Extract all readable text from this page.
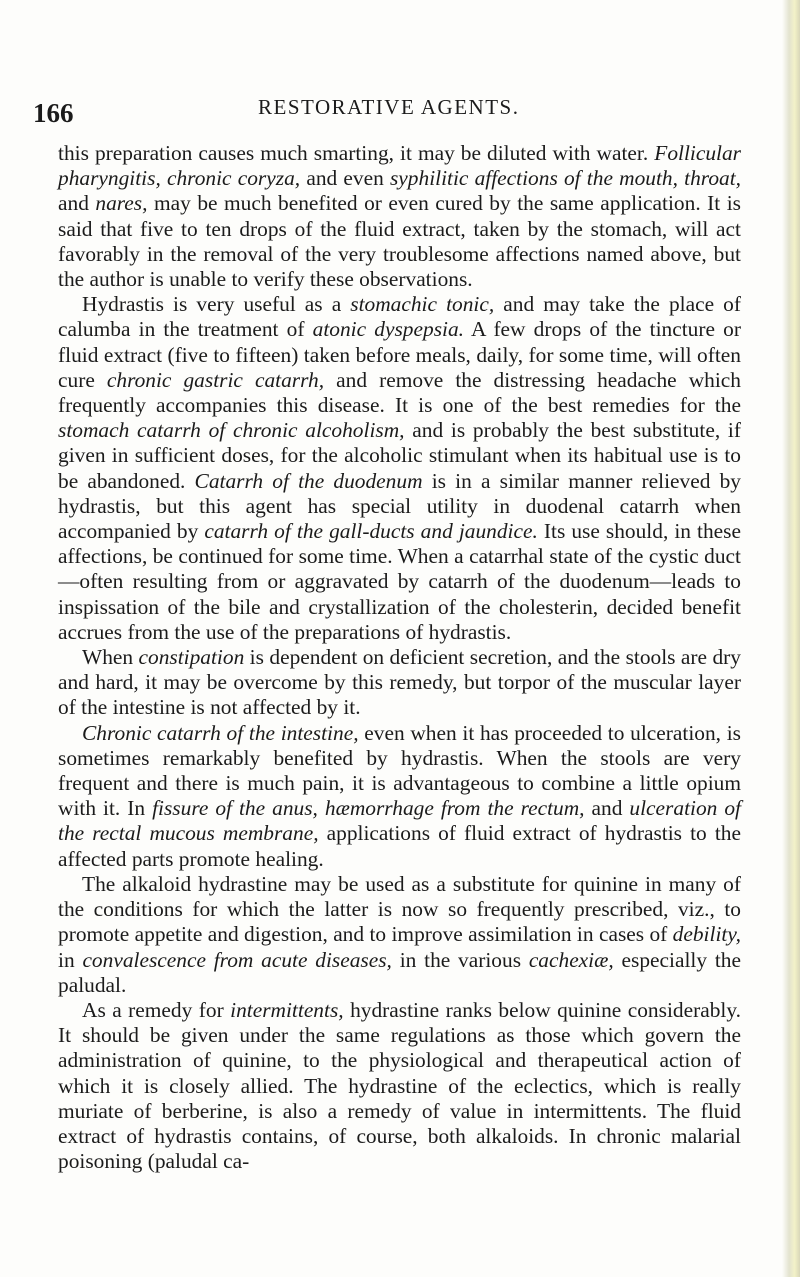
166	RESTORATIVE AGENTS.

this preparation causes much smarting, it may be diluted with water. Follicular pharyngitis, chronic coryza, and even syphilitic affections of the mouth, throat, and nares, may be much benefited or even cured by the same application. It is said that five to ten drops of the fluid extract, taken by the stomach, will act favorably in the removal of the very troublesome affections named above, but the author is unable to verify these observations.

Hydrastis is very useful as a stomachic tonic, and may take the place of calumba in the treatment of atonic dyspepsia. A few drops of the tincture or fluid extract (five to fifteen) taken before meals, daily, for some time, will often cure chronic gastric catarrh, and remove the distressing headache which frequently accompanies this disease. It is one of the best remedies for the stomach catarrh of chronic alcoholism, and is probably the best substitute, if given in sufficient doses, for the alcoholic stimulant when its habitual use is to be abandoned. Catarrh of the duodenum is in a similar manner relieved by hydrastis, but this agent has special utility in duodenal catarrh when accompanied by catarrh of the gall-ducts and jaundice. Its use should, in these affections, be continued for some time. When a catarrhal state of the cystic duct—often resulting from or aggravated by catarrh of the duodenum—leads to inspissation of the bile and crystallization of the cholesterin, decided benefit accrues from the use of the preparations of hydrastis.

When constipation is dependent on deficient secretion, and the stools are dry and hard, it may be overcome by this remedy, but torpor of the muscular layer of the intestine is not affected by it.

Chronic catarrh of the intestine, even when it has proceeded to ulceration, is sometimes remarkably benefited by hydrastis. When the stools are very frequent and there is much pain, it is advantageous to combine a little opium with it. In fissure of the anus, hæmorrhage from the rectum, and ulceration of the rectal mucous membrane, applications of fluid extract of hydrastis to the affected parts promote healing.

The alkaloid hydrastine may be used as a substitute for quinine in many of the conditions for which the latter is now so frequently prescribed, viz., to promote appetite and digestion, and to improve assimilation in cases of debility, in convalescence from acute diseases, in the various cachexiæ, especially the paludal.

As a remedy for intermittents, hydrastine ranks below quinine considerably. It should be given under the same regulations as those which govern the administration of quinine, to the physiological and therapeutical action of which it is closely allied. The hydrastine of the eclectics, which is really muriate of berberine, is also a remedy of value in intermittents. The fluid extract of hydrastis contains, of course, both alkaloids. In chronic malarial poisoning (paludal ca-
